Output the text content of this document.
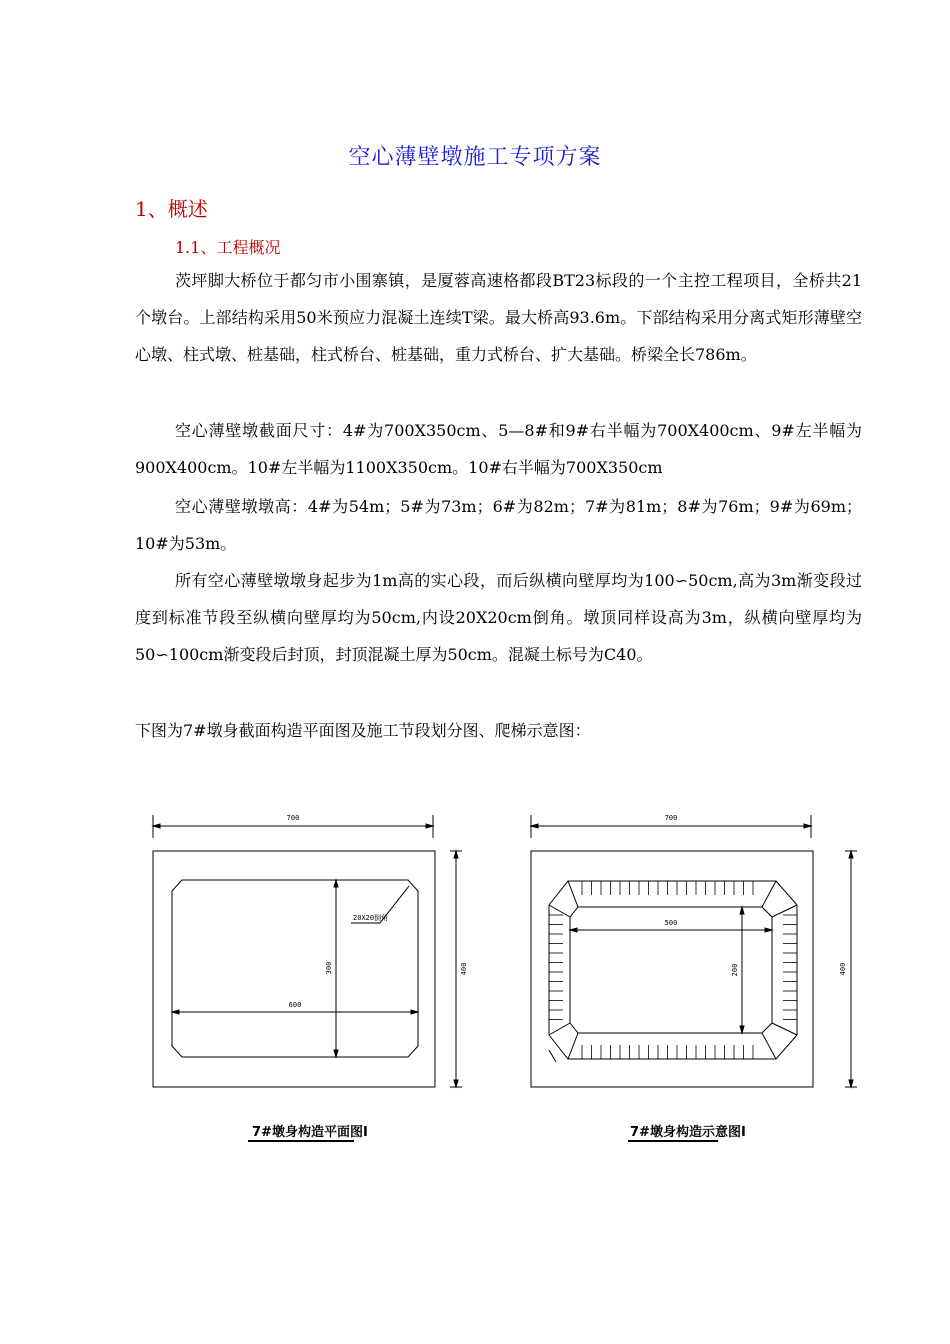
空心薄壁墩施工专项方案
1、概述
1.1、工程概况

茨坪脚大桥位于都匀市小围寨镇，是厦蓉高速格都段BT23标段的一个主控工程项目，全桥共21个墩台。上部结构采用50米预应力混凝土连续T梁。最大桥高93.6m。下部结构采用分离式矩形薄壁空心墩、柱式墩、桩基础，柱式桥台、桩基础，重力式桥台、扩大基础。桥梁全长786m。

空心薄壁墩截面尺寸：4#为700X350cm、5—8#和9#右半幅为700X400cm、9#左半幅为900X400cm。10#左半幅为1100X350cm。10#右半幅为700X350cm

空心薄壁墩墩高：4#为54m；5#为73m；6#为82m；7#为81m；8#为76m；9#为69m；10#为53m。

所有空心薄壁墩墩身起步为1m高的实心段，而后纵横向壁厚均为100∽50cm,高为3m渐变段过度到标准节段至纵横向壁厚均为50cm,内设20X20cm倒角。墩顶同样设高为3m，纵横向壁厚均为50∽100cm渐变段后封顶，封顶混凝土厚为50cm。混凝土标号为C40。

下图为7#墩身截面构造平面图及施工节段划分图、爬梯示意图：

700
600
300	400
20X20倒角
7#墩身构造平面图I
700
500
200	400
7#墩身构造示意图I
